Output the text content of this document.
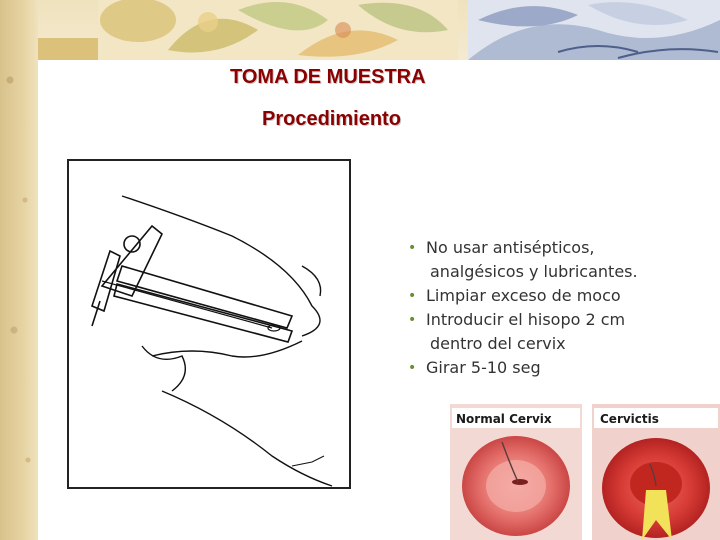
TOMA DE MUESTRA
Procedimiento
• No usar antisépticos,
analgésicos y lubricantes.
• Limpiar exceso de moco
• Introducir el hisopo 2 cm
dentro del cervix
• Girar 5-10 seg
Normal Cervix	Cervictis
